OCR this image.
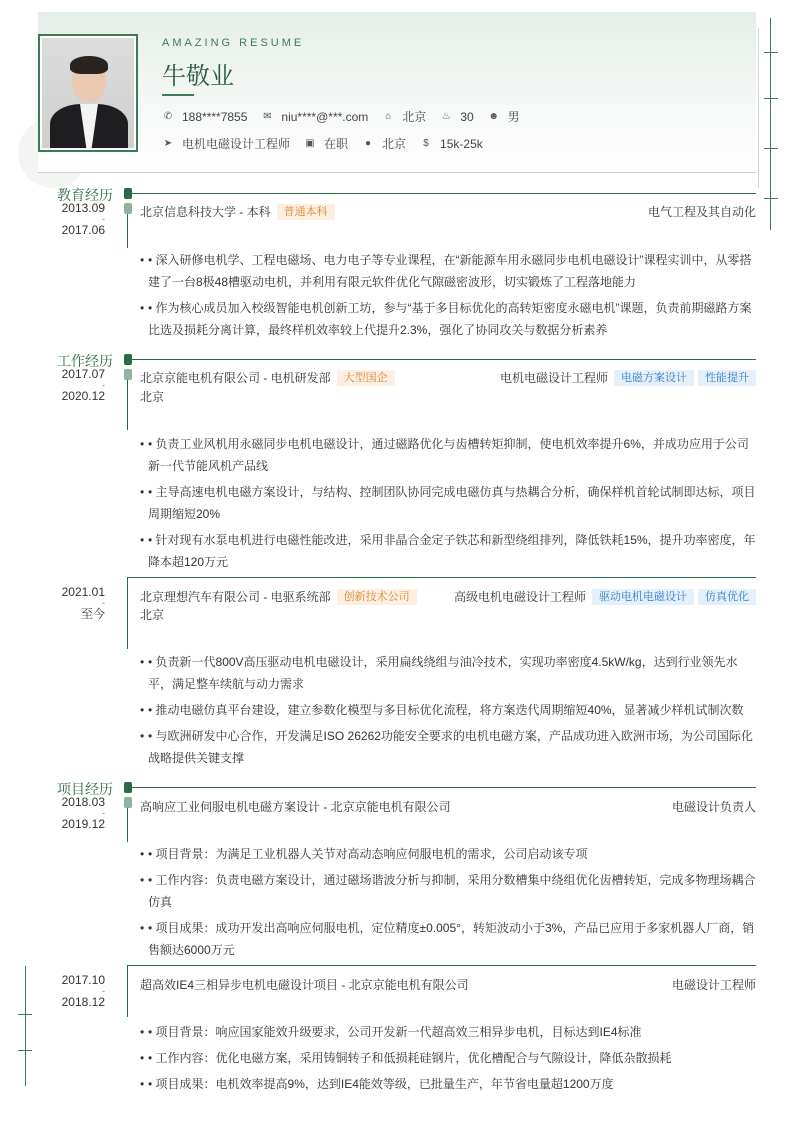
AMAZING RESUME
牛敬业
✆ 188****7855 ✉ niu****@***.com ⌂ 北京 ♨ 30 ☻ 男
➤ 电机电磁设计工程师 ▣ 在职 ● 北京	$ 15k-25k
教育经历
2013.09
-
2017.06
北京信息科技大学 - 本科	普通本科	电气工程及其自动化
• • 深入研修电机学、工程电磁场、电力电子等专业课程，在“新能源车用永磁同步电机电磁设计”课程实训中，从零搭建了一台8极48槽驱动电机，并利用有限元软件优化气隙磁密波形，切实锻炼了工程落地能力
• • 作为核心成员加入校级智能电机创新工坊，参与“基于多目标优化的高转矩密度永磁电机”课题，负责前期磁路方案比选及损耗分离计算，最终样机效率较上代提升2.3%，强化了协同攻关与数据分析素养
工作经历
2017.07
-
2020.12
北京京能电机有限公司 - 电机研发部	大型国企	电机电磁设计工程师	电磁方案设计	性能提升
北京
• • 负责工业风机用永磁同步电机电磁设计，通过磁路优化与齿槽转矩抑制，使电机效率提升6%，并成功应用于公司新一代节能风机产品线
• • 主导高速电机电磁方案设计，与结构、控制团队协同完成电磁仿真与热耦合分析，确保样机首轮试制即达标，项目周期缩短20%
• • 针对现有水泵电机进行电磁性能改进，采用非晶合金定子铁芯和新型绕组排列，降低铁耗15%，提升功率密度，年降本超120万元
2021.01
-
至今
北京理想汽车有限公司 - 电驱系统部	创新技术公司	高级电机电磁设计工程师	驱动电机电磁设计	仿真优化
北京
• • 负责新一代800V高压驱动电机电磁设计，采用扁线绕组与油冷技术，实现功率密度4.5kW/kg，达到行业领先水平，满足整车续航与动力需求
• • 推动电磁仿真平台建设，建立参数化模型与多目标优化流程，将方案迭代周期缩短40%，显著减少样机试制次数
• • 与欧洲研发中心合作，开发满足ISO 26262功能安全要求的电机电磁方案，产品成功进入欧洲市场，为公司国际化战略提供关键支撑
项目经历
2018.03
-
2019.12
高响应工业伺服电机电磁方案设计 - 北京京能电机有限公司	电磁设计负责人
• • 项目背景：为满足工业机器人关节对高动态响应伺服电机的需求，公司启动该专项
• • 工作内容：负责电磁方案设计，通过磁场谐波分析与抑制，采用分数槽集中绕组优化齿槽转矩，完成多物理场耦合仿真
• • 项目成果：成功开发出高响应伺服电机，定位精度±0.005°，转矩波动小于3%，产品已应用于多家机器人厂商，销售额达6000万元
2017.10
-
2018.12
超高效IE4三相异步电机电磁设计项目 - 北京京能电机有限公司	电磁设计工程师
• • 项目背景：响应国家能效升级要求，公司开发新一代超高效三相异步电机，目标达到IE4标准
• • 工作内容：优化电磁方案，采用铸铜转子和低损耗硅钢片，优化槽配合与气隙设计，降低杂散损耗
• • 项目成果：电机效率提高9%，达到IE4能效等级，已批量生产，年节省电量超1200万度
